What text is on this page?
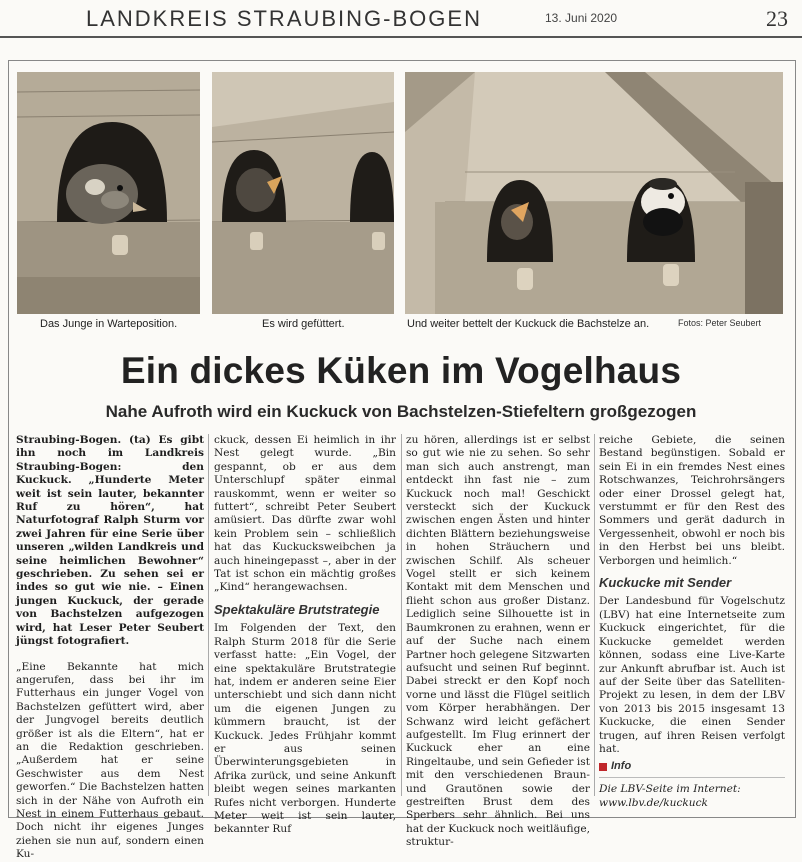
LANDKREIS STRAUBING-BOGEN	13. Juni 2020	23
Das Junge in Warteposition.	Es wird gefüttert.	Und weiter bettelt der Kuckuck die Bachstelze an.	Fotos: Peter Seubert
Ein dickes Küken im Vogelhaus
Nahe Aufroth wird ein Kuckuck von Bachstelzen-Stiefeltern großgezogen

Straubing-Bogen. (ta) Es gibt ihn noch im Landkreis Straubing-Bogen: den Kuckuck. „Hunderte Meter weit ist sein lauter, bekannter Ruf zu hören“, hat Naturfotograf Ralph Sturm vor zwei Jahren für eine Serie über unseren „wilden Landkreis und seine heimlichen Bewohner“ geschrieben. Zu sehen sei er indes so gut wie nie. – Einen jungen Kuckuck, der gerade von Bachstelzen aufgezogen wird, hat Leser Peter Seubert jüngst fotografiert.

„Eine Bekannte hat mich angerufen, dass bei ihr im Futterhaus ein junger Vogel von Bachstelzen gefüttert wird, aber der Jungvogel bereits deutlich größer ist als die Eltern“, hat er an die Redaktion geschrieben. „Außerdem hat er seine Geschwister aus dem Nest geworfen.“ Die Bachstelzen hatten sich in der Nähe von Aufroth ein Nest in einem Futterhaus gebaut. Doch nicht ihr eigenes Junges ziehen sie nun auf, sondern einen Ku-

ckuck, dessen Ei heimlich in ihr Nest gelegt wurde. „Bin gespannt, ob er aus dem Unterschlupf später einmal rauskommt, wenn er weiter so futtert“, schreibt Peter Seubert amüsiert. Das dürfte zwar wohl kein Problem sein – schließlich hat das Kuckucksweibchen ja auch hineingepasst –, aber in der Tat ist schon ein mächtig großes „Kind“ herangewachsen.

Spektakuläre Brutstrategie

Im Folgenden der Text, den Ralph Sturm 2018 für die Serie verfasst hatte: „Ein Vogel, der eine spektakuläre Brutstrategie hat, indem er anderen seine Eier unterschiebt und sich dann nicht um die eigenen Jungen zu kümmern braucht, ist der Kuckuck. Jedes Frühjahr kommt er aus seinen Überwinterungsgebieten in Afrika zurück, und seine Ankunft bleibt wegen seines markanten Rufes nicht verborgen. Hunderte Meter weit ist sein lauter, bekannter Ruf

zu hören, allerdings ist er selbst so gut wie nie zu sehen. So sehr man sich auch anstrengt, man entdeckt ihn fast nie – zum Kuckuck noch mal! Geschickt versteckt sich der Kuckuck zwischen engen Ästen und hinter dichten Blättern beziehungsweise in hohen Sträuchern und zwischen Schilf. Als scheuer Vogel stellt er sich keinem Kontakt mit dem Menschen und flieht schon aus großer Distanz. Lediglich seine Silhouette ist in Baumkronen zu erahnen, wenn er auf der Suche nach einem Partner hoch gelegene Sitzwarten aufsucht und seinen Ruf beginnt. Dabei streckt er den Kopf noch vorne und lässt die Flügel seitlich vom Körper herabhängen. Der Schwanz wird leicht gefächert aufgestellt. Im Flug erinnert der Kuckuck eher an eine Ringeltaube, und sein Gefieder ist mit den verschiedenen Braun- und Grautönen sowie der gestreiften Brust dem des Sperbers sehr ähnlich. Bei uns hat der Kuckuck noch weitläufige, struktur-

reiche Gebiete, die seinen Bestand begünstigen. Sobald er sein Ei in ein fremdes Nest eines Rotschwanzes, Teichrohrsängers oder einer Drossel gelegt hat, verstummt er für den Rest des Sommers und gerät dadurch in Vergessenheit, obwohl er noch bis in den Herbst bei uns bleibt. Verborgen und heimlich.“

Kuckucke mit Sender

Der Landesbund für Vogelschutz (LBV) hat eine Internetseite zum Kuckuck eingerichtet, für die Kuckucke gemeldet werden können, sodass eine Live-Karte zur Ankunft abrufbar ist. Auch ist auf der Seite über das Satelliten-Projekt zu lesen, in dem der LBV von 2013 bis 2015 insgesamt 13 Kuckucke, die einen Sender trugen, auf ihren Reisen verfolgt hat.

Info
Die LBV-Seite im Internet:
www.lbv.de/kuckuck
